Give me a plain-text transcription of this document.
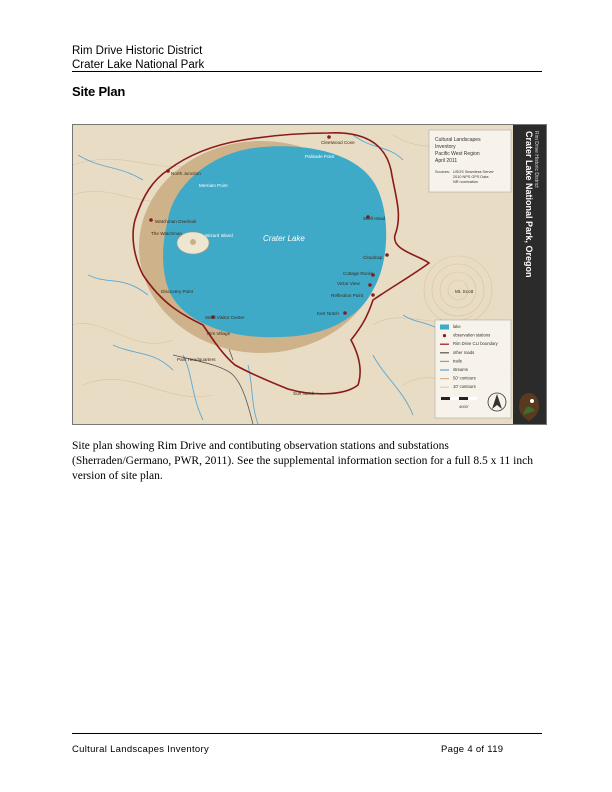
Rim Drive Historic District
Crater Lake National Park
Site Plan
Crater Lake
Cleetwood Cove
Palisade Point
North Junction
Merriam Point
Watchman Overlook
The Watchman	Wizard Island
Discovery Point
Steel Visitor Center
Rim Village
Park Headquarters
Sun Notch
Kerr Notch
Reflection Point
Victor View
Cottage Rocks
Cloudcap
Skell Head
Mt. Scott
Cultural Landscapes
Inventory
Pacific West Region
April 2011
Sources: USGS Seamless Server
2010 NPS GPS Data
NR nomination
lake
observation stations
Rim Drive CLI boundary
other roads
trails
streams
50' contours
10' contours
4000'
Crater Lake National Park, Oregon Rim Drive Historic District
Site plan showing Rim Drive and contibuting observation stations and substations (Sherraden/Germano, PWR, 2011). See the supplemental information section for a full 8.5 x 11 inch version of site plan.
Cultural Landscapes Inventory	Page 4 of 119
